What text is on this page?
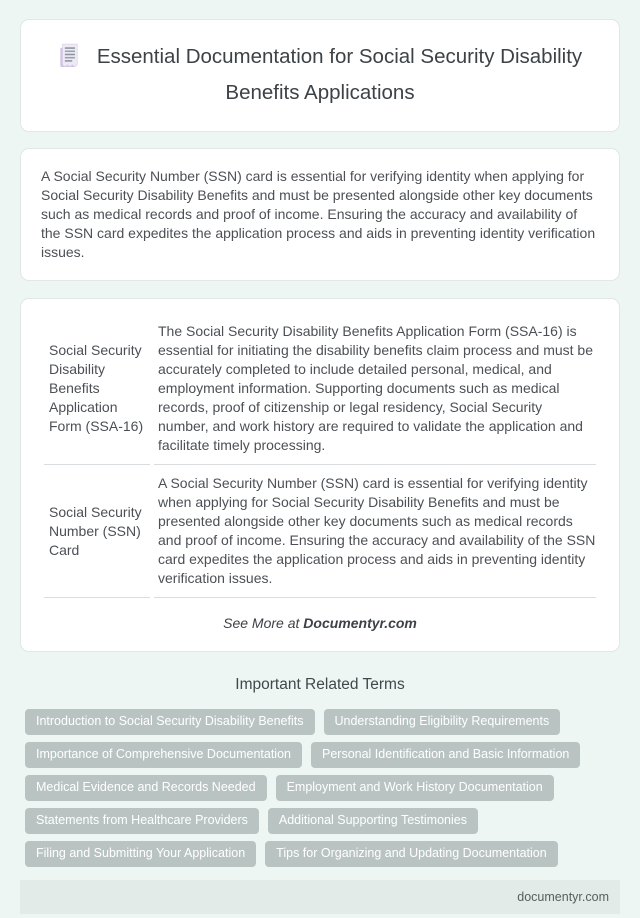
Essential Documentation for Social Security Disability Benefits Applications

A Social Security Number (SSN) card is essential for verifying identity when applying for Social Security Disability Benefits and must be presented alongside other key documents such as medical records and proof of income. Ensuring the accuracy and availability of the SSN card expedites the application process and aids in preventing identity verification issues.

Social Security Disability Benefits Application Form (SSA-16)	The Social Security Disability Benefits Application Form (SSA-16) is essential for initiating the disability benefits claim process and must be accurately completed to include detailed personal, medical, and employment information. Supporting documents such as medical records, proof of citizenship or legal residency, Social Security number, and work history are required to validate the application and facilitate timely processing.
Social Security Number (SSN) Card	A Social Security Number (SSN) card is essential for verifying identity when applying for Social Security Disability Benefits and must be presented alongside other key documents such as medical records and proof of income. Ensuring the accuracy and availability of the SSN card expedites the application process and aids in preventing identity verification issues.
See More at Documentyr.com
Important Related Terms
Introduction to Social Security Disability Benefits	Understanding Eligibility Requirements
Importance of Comprehensive Documentation	Personal Identification and Basic Information
Medical Evidence and Records Needed	Employment and Work History Documentation
Statements from Healthcare Providers	Additional Supporting Testimonies
Filing and Submitting Your Application	Tips for Organizing and Updating Documentation
documentyr.com
